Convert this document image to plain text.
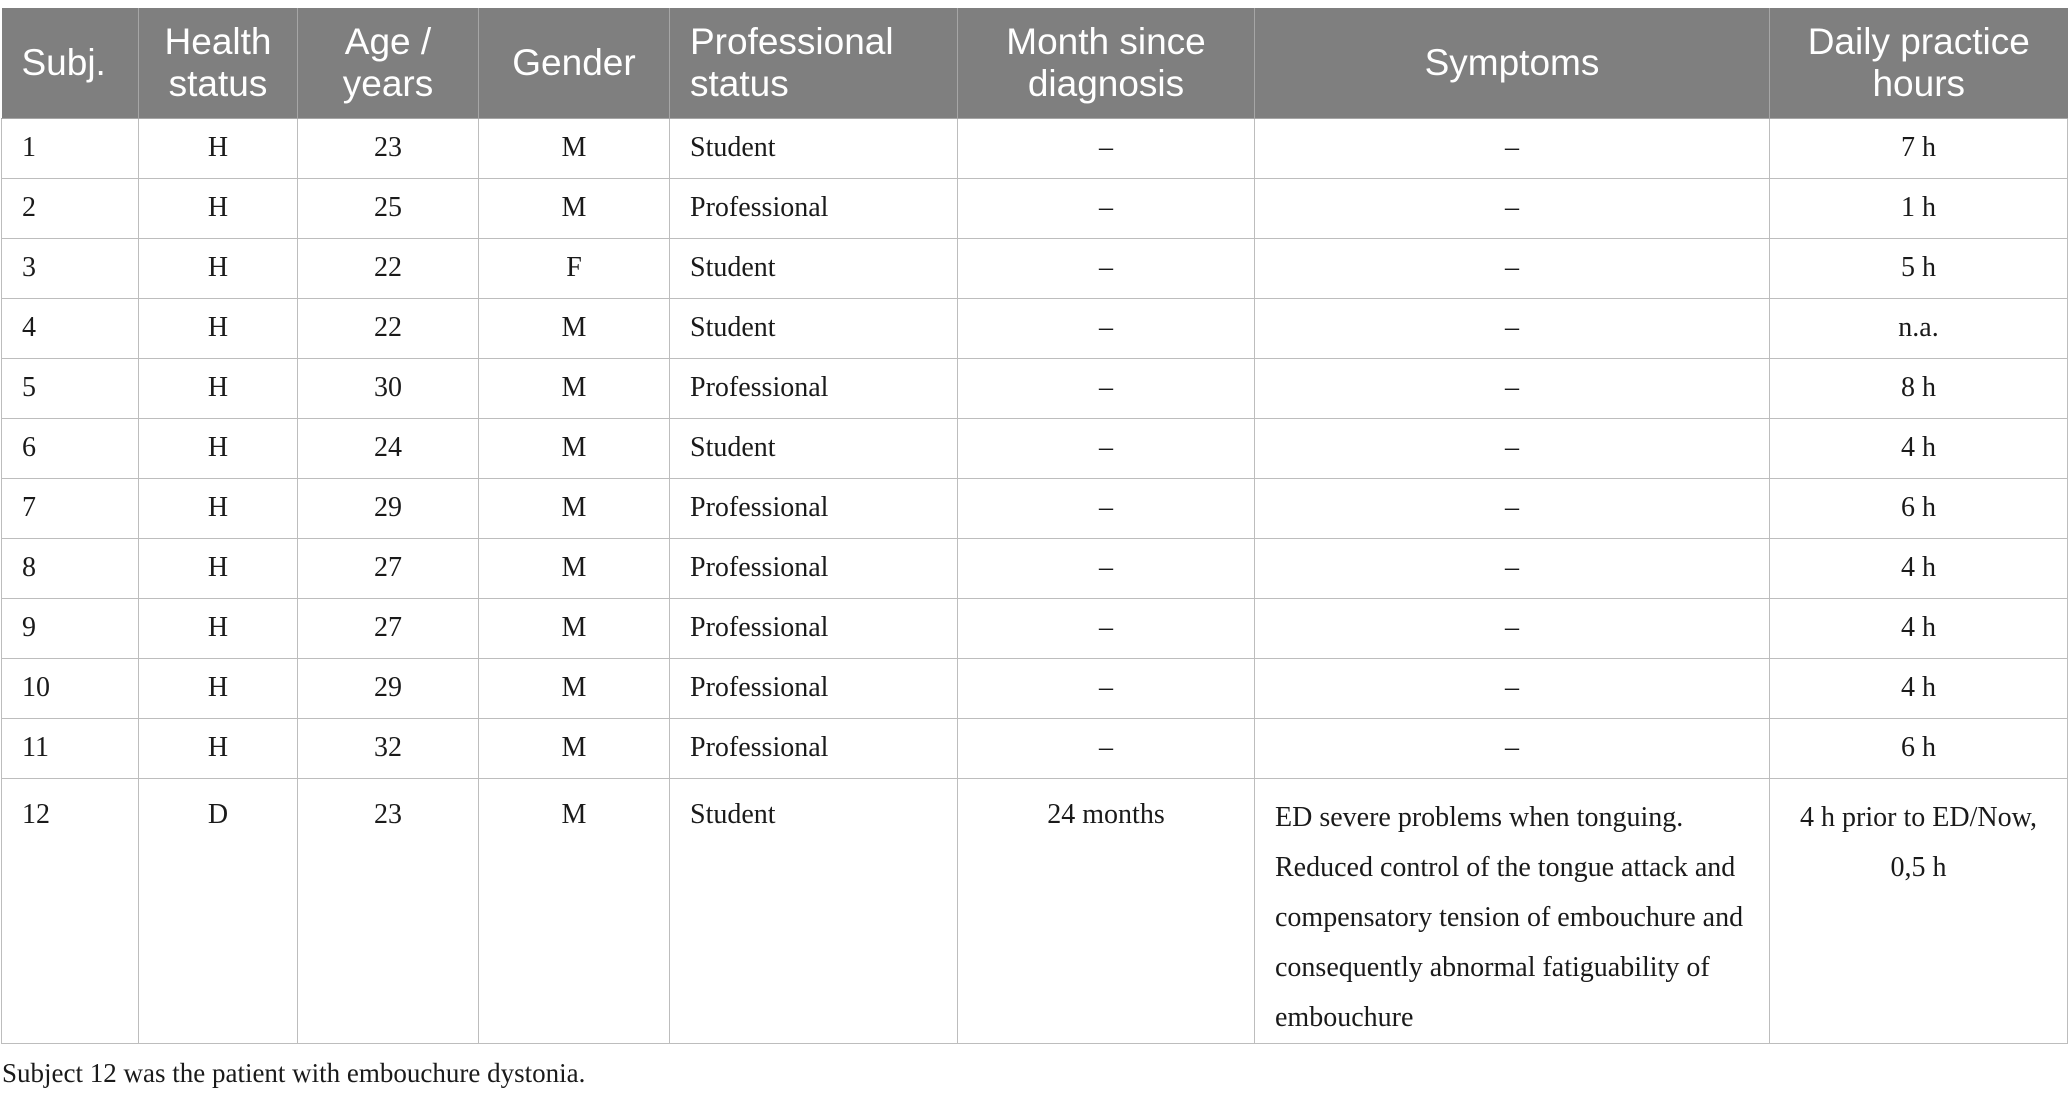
Subj.	Health status	Age / years	Gender	Professional status	Month since diagnosis	Symptoms	Daily practice hours
1	H	23	M	Student	–	–	7 h
2	H	25	M	Professional	–	–	1 h
3	H	22	F	Student	–	–	5 h
4	H	22	M	Student	–	–	n.a.
5	H	30	M	Professional	–	–	8 h
6	H	24	M	Student	–	–	4 h
7	H	29	M	Professional	–	–	6 h
8	H	27	M	Professional	–	–	4 h
9	H	27	M	Professional	–	–	4 h
10	H	29	M	Professional	–	–	4 h
11	H	32	M	Professional	–	–	6 h
12	D	23	M	Student	24 months	ED severe problems when tonguing. Reduced control of the tongue attack and compensatory tension of embouchure and consequently abnormal fatiguability of embouchure	4 h prior to ED/Now, 0,5 h
Subject 12 was the patient with embouchure dystonia.
